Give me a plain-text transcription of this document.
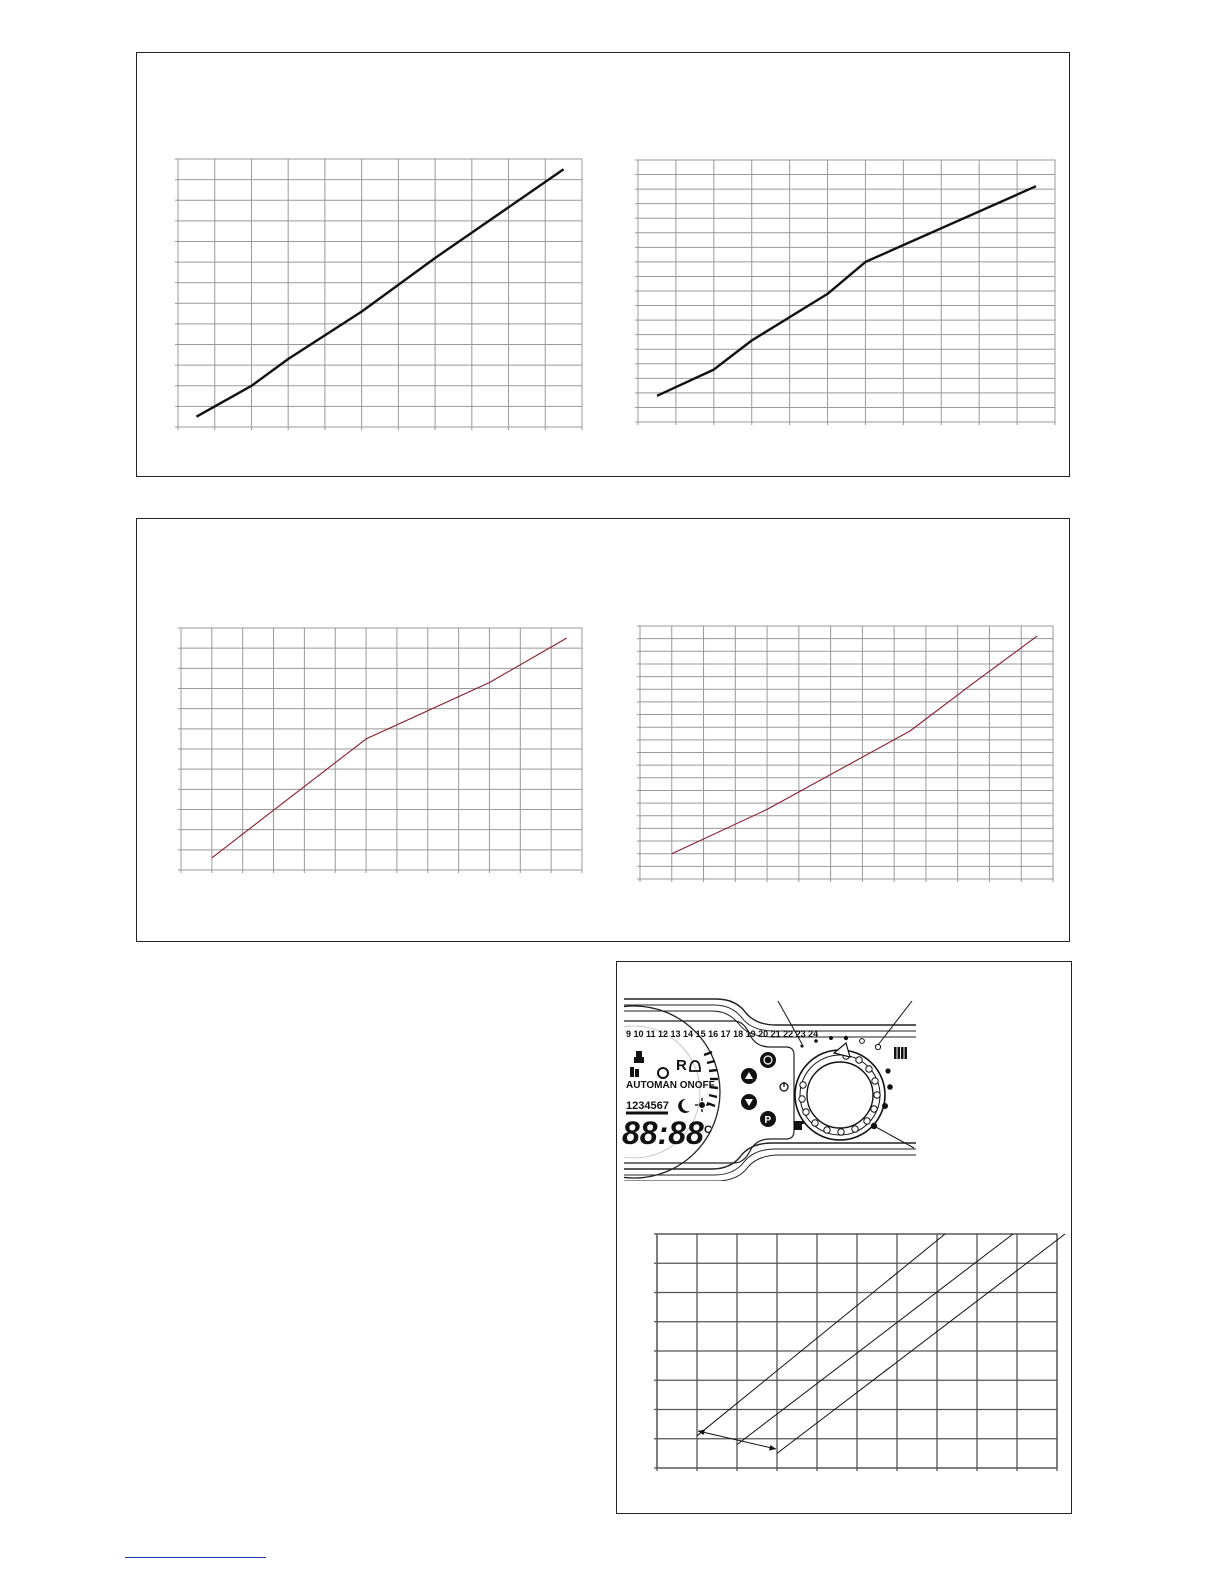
9 10 11 12 13 14 15 16 17 18 19 20 21 22 23 24
AUTOMAN ONOFF
R
1234567
88:88 C
P
